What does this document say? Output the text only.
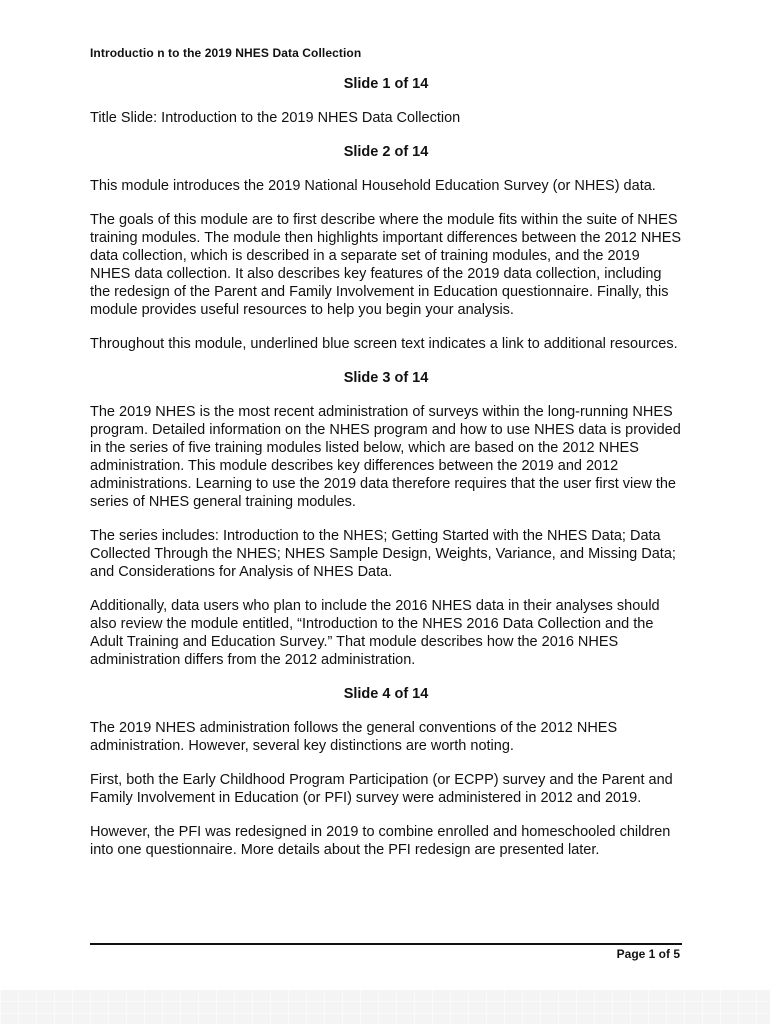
Introductio n to the 2019 NHES Data Collection
Slide 1 of 14

Title Slide: Introduction to the 2019 NHES Data Collection

Slide 2 of 14

This module introduces the 2019 National Household Education Survey (or NHES) data.

The goals of this module are to first describe where the module fits within the suite of NHES training modules. The module then highlights important differences between the 2012 NHES data collection, which is described in a separate set of training modules, and the 2019 NHES data collection. It also describes key features of the 2019 data collection, including the redesign of the Parent and Family Involvement in Education questionnaire. Finally, this module provides useful resources to help you begin your analysis.

Throughout this module, underlined blue screen text indicates a link to additional resources.

Slide 3 of 14

The 2019 NHES is the most recent administration of surveys within the long-running NHES program. Detailed information on the NHES program and how to use NHES data is provided in the series of five training modules listed below, which are based on the 2012 NHES administration. This module describes key differences between the 2019 and 2012 administrations. Learning to use the 2019 data therefore requires that the user first view the series of NHES general training modules.

The series includes: Introduction to the NHES; Getting Started with the NHES Data; Data Collected Through the NHES; NHES Sample Design, Weights, Variance, and Missing Data; and Considerations for Analysis of NHES Data.

Additionally, data users who plan to include the 2016 NHES data in their analyses should also review the module entitled, “Introduction to the NHES 2016 Data Collection and the Adult Training and Education Survey.” That module describes how the 2016 NHES administration differs from the 2012 administration.

Slide 4 of 14

The 2019 NHES administration follows the general conventions of the 2012 NHES administration. However, several key distinctions are worth noting.

First, both the Early Childhood Program Participation (or ECPP) survey and the Parent and Family Involvement in Education (or PFI) survey were administered in 2012 and 2019.

However, the PFI was redesigned in 2019 to combine enrolled and homeschooled children into one questionnaire. More details about the PFI redesign are presented later.

Page 1 of 5
